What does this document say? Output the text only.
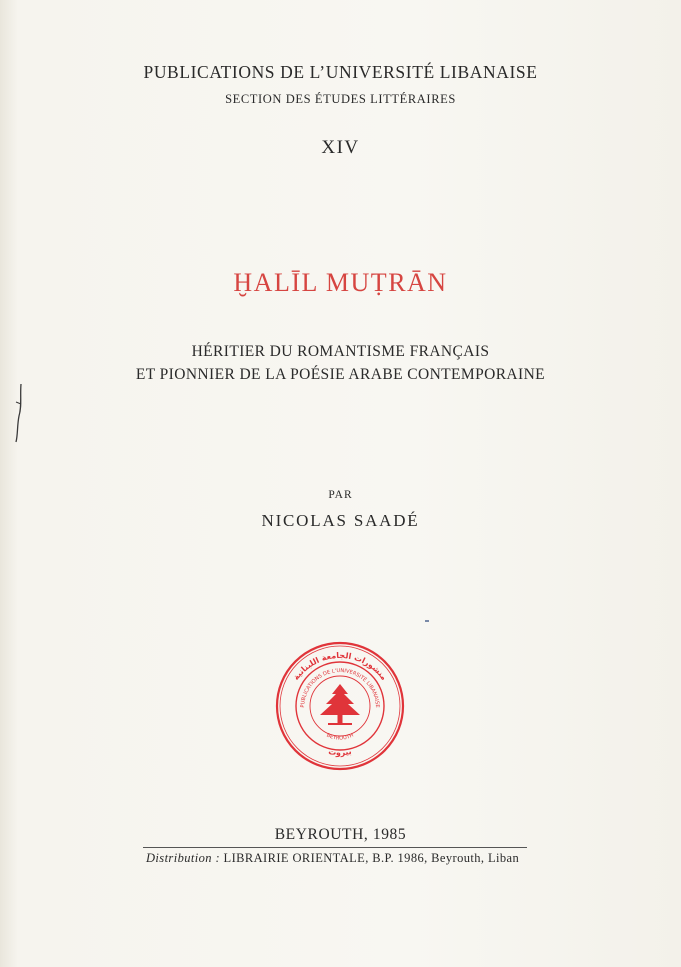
PUBLICATIONS DE L’UNIVERSITÉ LIBANAISE
SECTION DES ÉTUDES LITTÉRAIRES
XIV
ḪALĪL MUṬRĀN
HÉRITIER DU ROMANTISME FRANÇAIS
ET PIONNIER DE LA POÉSIE ARABE CONTEMPORAINE
PAR
NICOLAS SAADÉ
منشورات الجامعة اللبنانية
بيروت
PUBLICATIONS DE L'UNIVERSITÉ LIBANAISE
BEYROUTH
BEYROUTH, 1985
Distribution : LIBRAIRIE ORIENTALE, B.P. 1986, Beyrouth, Liban
